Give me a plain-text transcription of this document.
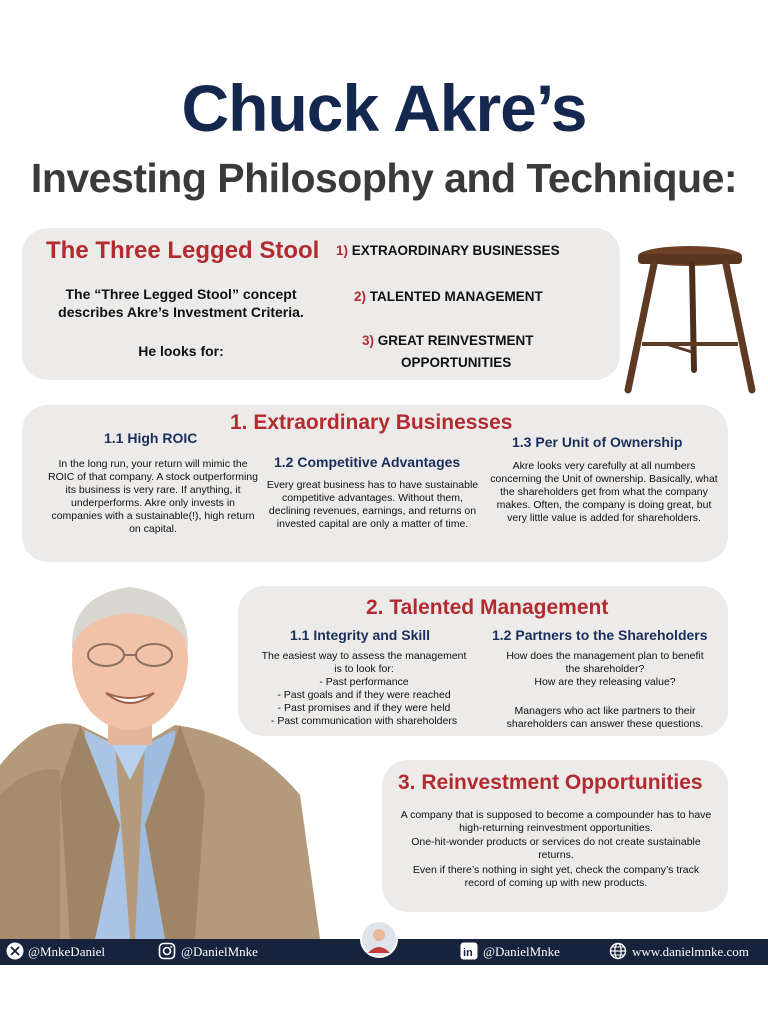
Chuck Akre’s
Investing Philosophy and Technique:
The Three Legged Stool
The “Three Legged Stool” concept describes Akre’s Investment Criteria.
He looks for:
1) EXTRAORDINARY BUSINESSES
2) TALENTED MANAGEMENT
3) GREAT REINVESTMENT
OPPORTUNITIES
1. Extraordinary Businesses
1.1 High ROIC
In the long run, your return will mimic the ROIC of that company. A stock outperforming its business is very rare. If anything, it underperforms. Akre only invests in companies with a sustainable(!), high return on capital.
1.2 Competitive Advantages
Every great business has to have sustainable competitive advantages. Without them, declining revenues, earnings, and returns on invested capital are only a matter of time.
1.3 Per Unit of Ownership
Akre looks very carefully at all numbers concerning the Unit of ownership. Basically, what the shareholders get from what the company makes. Often, the company is doing great, but very little value is added for shareholders.
2. Talented Management
1.1 Integrity and Skill
The easiest way to assess the management is to look for:
- Past performance
- Past goals and if they were reached
- Past promises and if they were held
- Past communication with shareholders
1.2 Partners to the Shareholders
How does the management plan to benefit the shareholder?
How are they releasing value?
Managers who act like partners to their shareholders can answer these questions.
3. Reinvestment Opportunities
A company that is supposed to become a compounder has to have high-returning reinvestment opportunities.
One-hit-wonder products or services do not create sustainable returns.
Even if there’s nothing in sight yet, check the company’s track record of coming up with new products.
@MnkeDaniel	@DanielMnke	in @DanielMnke	www.danielmnke.com
